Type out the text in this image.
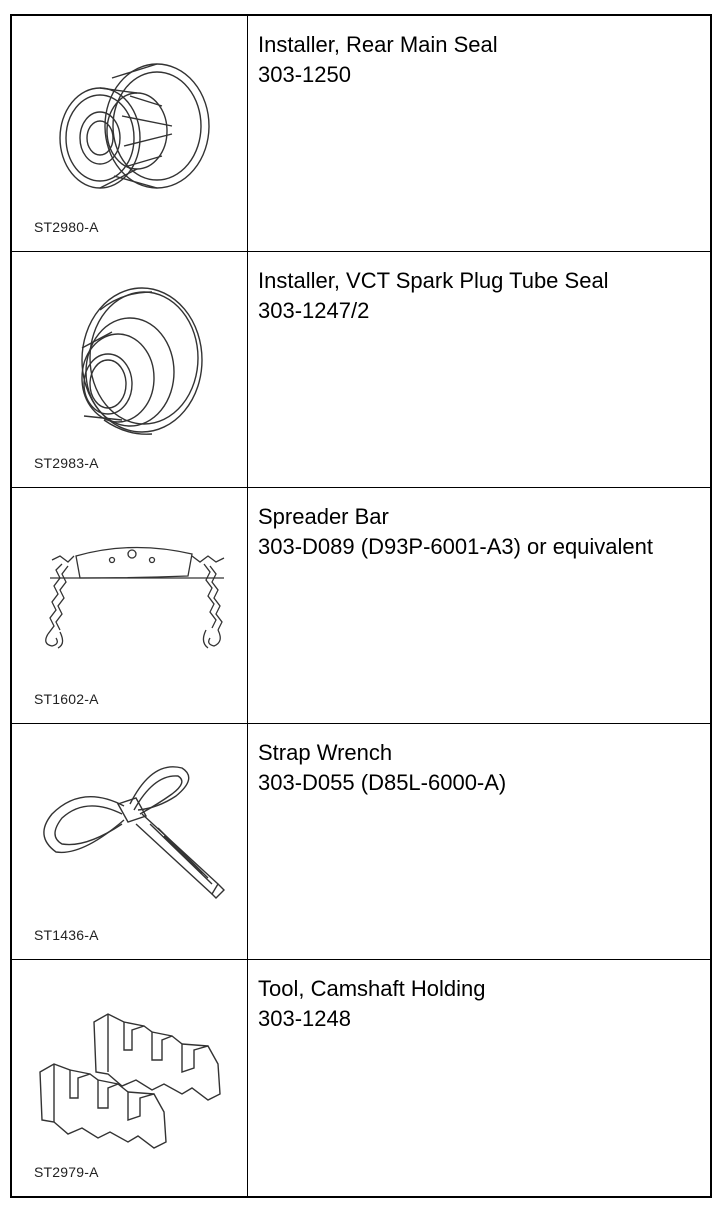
ST2980-A
Installer, Rear Main Seal
303-1250
ST2983-A
Installer, VCT Spark Plug Tube Seal
303-1247/2
ST1602-A
Spreader Bar
303-D089 (D93P-6001-A3) or equivalent
ST1436-A
Strap Wrench
303-D055 (D85L-6000-A)
ST2979-A
Tool, Camshaft Holding
303-1248
